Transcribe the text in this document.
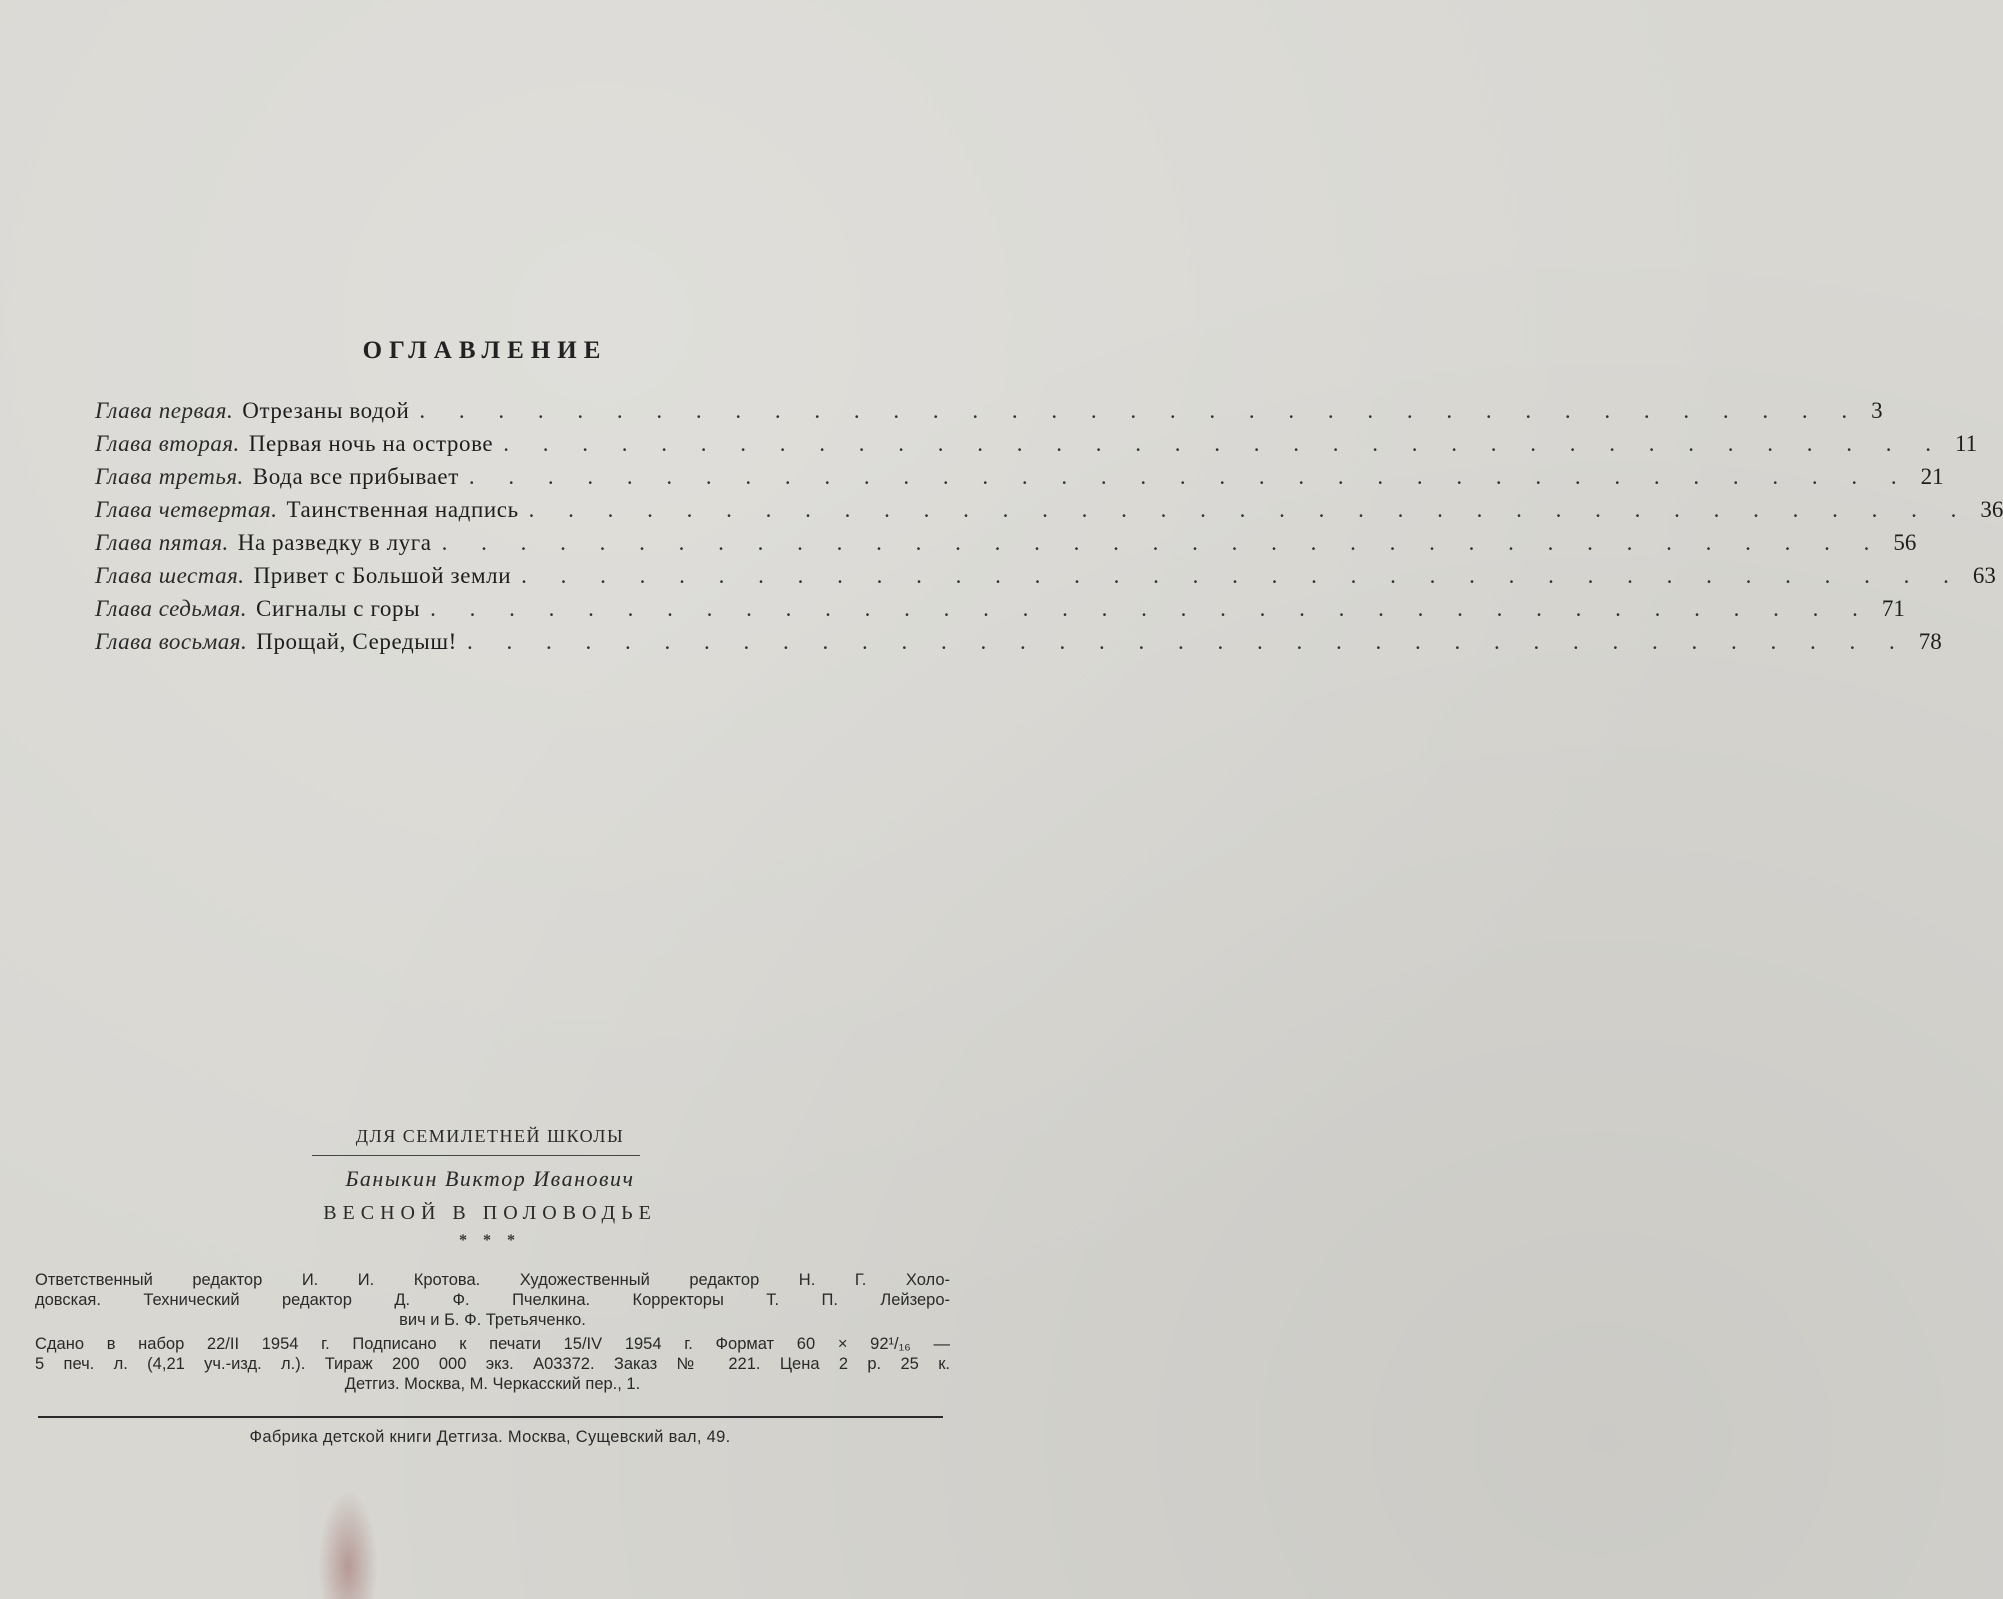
ОГЛАВЛЕНИЕ
Глава первая. Отрезаны водой . . . . . . . . . . . . . . . . . . . . . . . . . . . . . . . . . . . . . 3
Глава вторая. Первая ночь на острове . . . . . . . . . . . . . . . . . . . . . . . . . . . . . . . . . . . . . 11
Глава третья. Вода все прибывает . . . . . . . . . . . . . . . . . . . . . . . . . . . . . . . . . . . . . 21
Глава четвертая. Таинственная надпись . . . . . . . . . . . . . . . . . . . . . . . . . . . . . . . . . . . . . 36
Глава пятая. На разведку в луга . . . . . . . . . . . . . . . . . . . . . . . . . . . . . . . . . . . . . 56
Глава шестая. Привет с Большой земли . . . . . . . . . . . . . . . . . . . . . . . . . . . . . . . . . . . . . 63
Глава седьмая. Сигналы с горы . . . . . . . . . . . . . . . . . . . . . . . . . . . . . . . . . . . . . 71
Глава восьмая. Прощай, Середыш! . . . . . . . . . . . . . . . . . . . . . . . . . . . . . . . . . . . . . 78
ДЛЯ СЕМИЛЕТНЕЙ ШКОЛЫ
Баныкин Виктор Иванович
ВЕСНОЙ В ПОЛОВОДЬЕ
* * *

Ответственный редактор И. И. Кротова. Художественный редактор Н. Г. Холо-

довская. Технический редактор Д. Ф. Пчелкина. Корректоры Т. П. Лейзеро-

вич и Б. Ф. Третьяченко.

Сдано в набор 22/II 1954 г. Подписано к печати 15/IV 1954 г. Формат 60 × 92¹/₁₆ —

5 печ. л. (4,21 уч.-изд. л.). Тираж 200 000 экз. А03372. Заказ № 221. Цена 2 р. 25 к.

Детгиз. Москва, М. Черкасский пер., 1.

Фабрика детской книги Детгиза. Москва, Сущевский вал, 49.
